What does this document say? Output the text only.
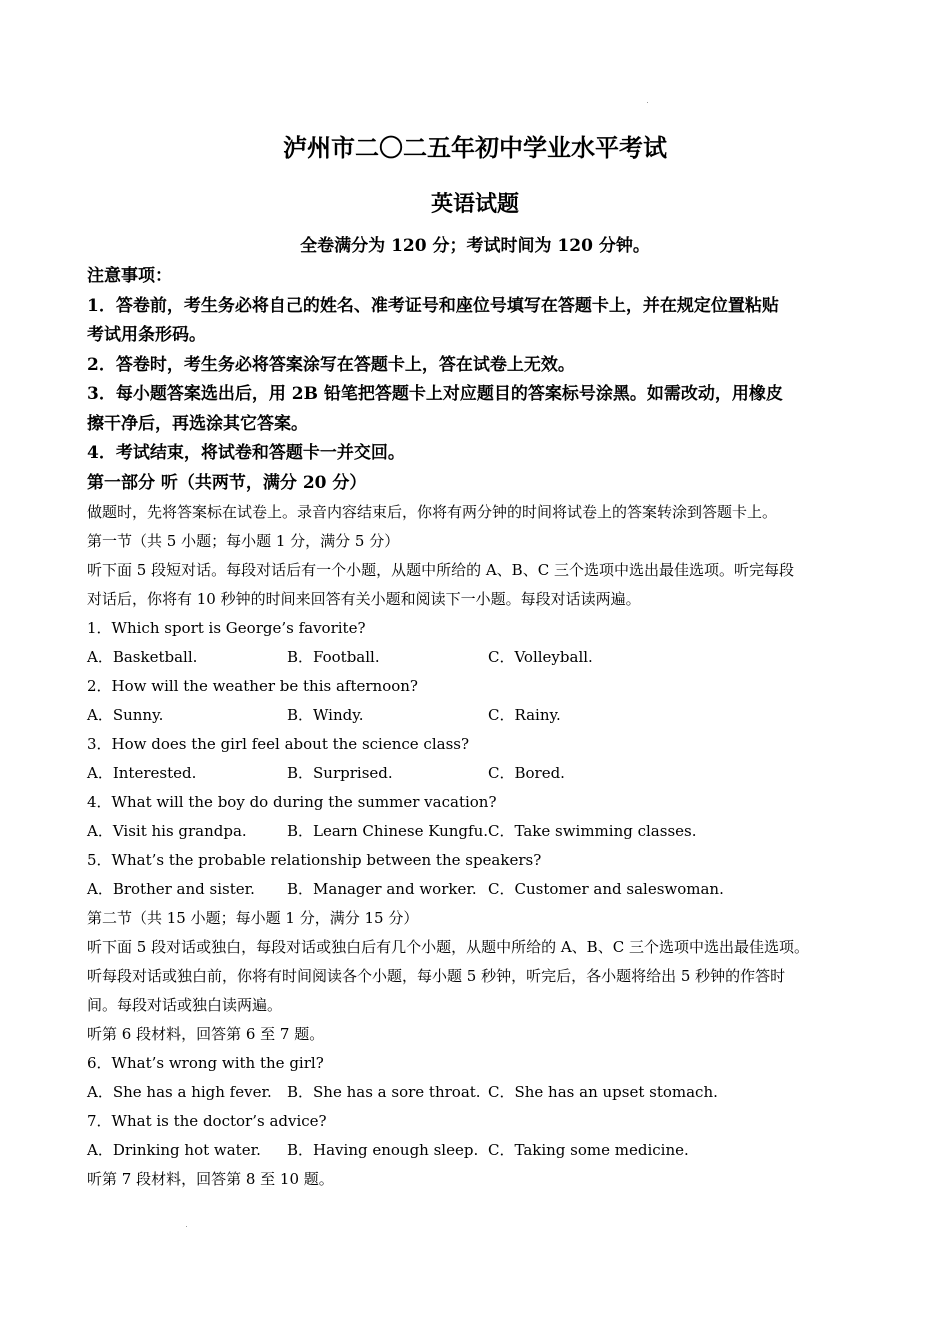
泸州市二〇二五年初中学业水平考试
英语试题
全卷满分为 120 分；考试时间为 120 分钟。

注意事项：

1．答卷前，考生务必将自己的姓名、准考证号和座位号填写在答题卡上，并在规定位置粘贴

考试用条形码。

2．答卷时，考生务必将答案涂写在答题卡上，答在试卷上无效。

3．每小题答案选出后，用 2B 铅笔把答题卡上对应题目的答案标号涂黑。如需改动，用橡皮

擦干净后，再选涂其它答案。

4．考试结束，将试卷和答题卡一并交回。

第一部分 听（共两节，满分 20 分）

做题时，先将答案标在试卷上。录音内容结束后，你将有两分钟的时间将试卷上的答案转涂到答题卡上。

第一节（共 5 小题；每小题 1 分，满分 5 分）

听下面 5 段短对话。每段对话后有一个小题，从题中所给的 A、B、C 三个选项中选出最佳选项。听完每段

对话后，你将有 10 秒钟的时间来回答有关小题和阅读下一小题。每段对话读两遍。

1．Which sport is George’s favorite?

A．Basketball.	B．Football.	C．Volleyball.

2．How will the weather be this afternoon?

A．Sunny.	B．Windy.	C．Rainy.

3．How does the girl feel about the science class?

A．Interested.	B．Surprised.	C．Bored.

4．What will the boy do during the summer vacation?

A．Visit his grandpa.	B．Learn Chinese Kungfu. C．Take swimming classes.

5．What’s the probable relationship between the speakers?

A．Brother and sister.	B．Manager and worker. C．Customer and saleswoman.

第二节（共 15 小题；每小题 1 分，满分 15 分）

听下面 5 段对话或独白，每段对话或独白后有几个小题，从题中所给的 A、B、C 三个选项中选出最佳选项。

听每段对话或独白前，你将有时间阅读各个小题，每小题 5 秒钟，听完后，各小题将给出 5 秒钟的作答时

间。每段对话或独白读两遍。

听第 6 段材料，回答第 6 至 7 题。

6．What’s wrong with the girl?

A．She has a high fever.	B．She has a sore throat. C．She has an upset stomach.

7．What is the doctor’s advice?

A．Drinking hot water.	B．Having enough sleep. C．Taking some medicine.

听第 7 段材料，回答第 8 至 10 题。
